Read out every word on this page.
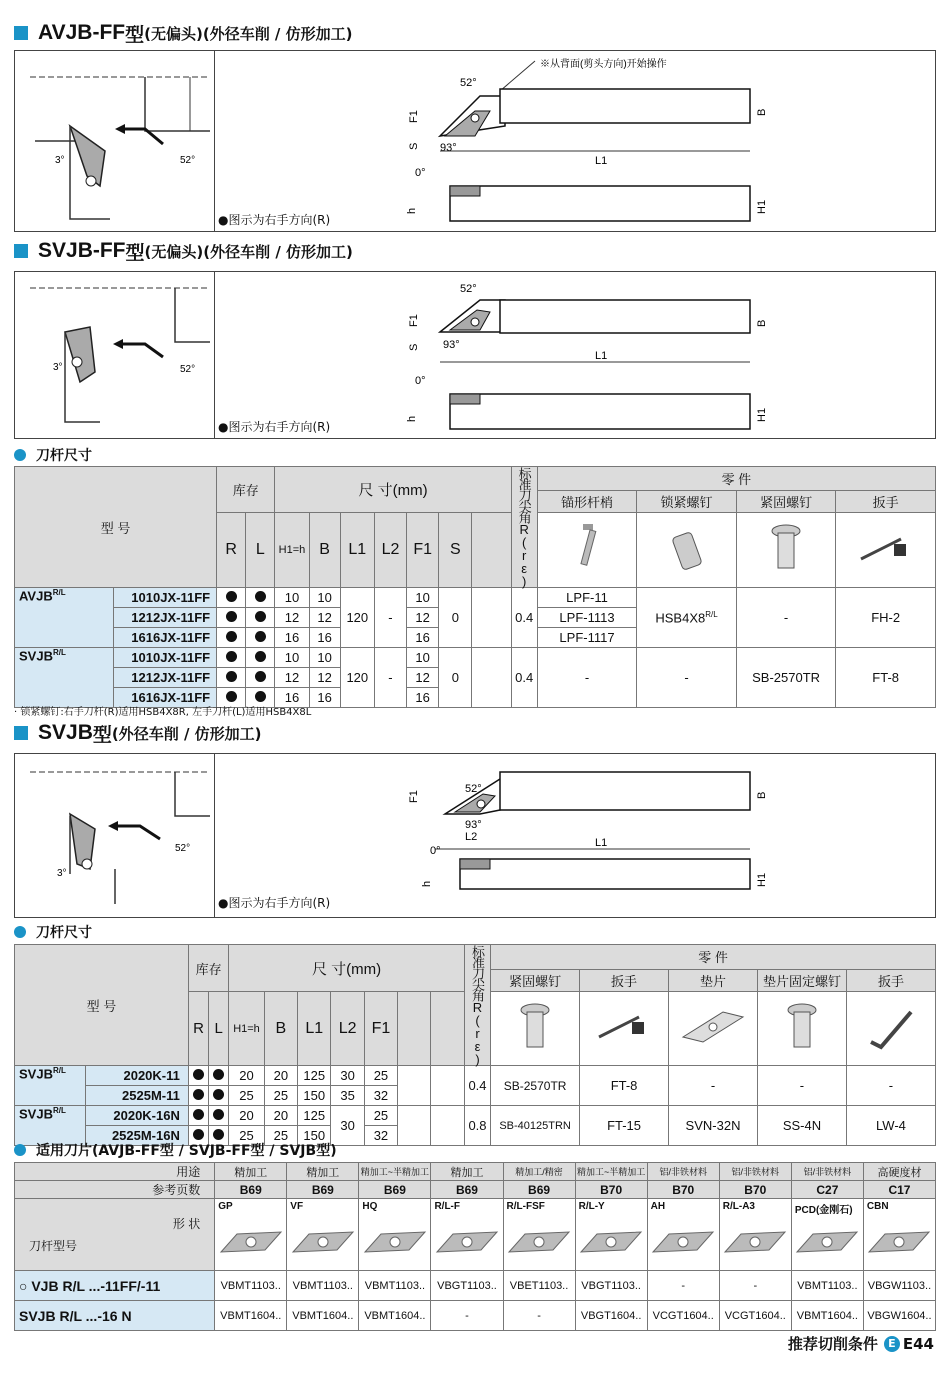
AVJB-FF 型 (无偏头)(外径车削 / 仿形加工)
52°
3°
●图示为右手方向(R)
※从背面(剪头方向)开始操作
52°
93°
L1
F1
S
B
0°
h	H1
SVJB-FF 型 (无偏头)(外径车削 / 仿形加工)
52°
3°
●图示为右手方向(R)
52°
93°
L1
F1
S
B
0°
h	H1
刀杆尺寸
型 号		库存		尺 寸(mm)							标准刀尖角R(rε)	零 件			
												锚形杆梢	锁紧螺钉	紧固螺钉	扳手
		R	L	H1=h	B	L1	L2	F1	S					
$AVJB^{R/L}$	1010JX-11FF			10	10	120	-	10	0		0.4	LPF-11	$HSB4X8^{R/L}$	-	FH-2
	1212JX-11FF			12	12			12				LPF-1113			
	1616JX-11FF			16	16			16				LPF-1117			
$SVJB^{R/L}$	1010JX-11FF			10	10	120	-	10	0		0.4	-	-	SB-2570TR	FT-8
	1212JX-11FF			12	12			12							
	1616JX-11FF			16	16			16							
· 锁紧螺钉:右手刀杆(R)适用HSB4X8R, 左手刀杆(L)适用HSB4X8L
SVJB 型 (外径车削 / 仿形加工)
52°
3°
●图示为右手方向(R)
52°
93°
L2	L1
F1	B
0°
h	H1
刀杆尺寸
型 号		库存		尺 寸(mm)							标准刀尖角R(rε)	零 件				
												紧固螺钉	扳手	垫片	垫片固定螺钉	扳手
		R	L	H1=h	B	L1	L2	F1							
$SVJB^{R/L}$	2020K-11			20	20	125	30	25			0.4	SB-2570TR	FT-8	-	-	-
	2525M-11			25	25	150	35	32								
$SVJB^{R/L}$	2020K-16N			20	20	125	30	25			0.8	SB-40125TRN	FT-15	SVN-32N	SS-4N	LW-4
	2525M-16N			25	25	150		32								
适用刀片(AVJB-FF型 / SVJB-FF型 / SVJB型)
用途	精加工	精加工	精加工~半精加工	精加工	精加工/精密	精加工~半精加工	铝/非铁材料	铝/非铁材料	铝/非铁材料	高硬度材
参考页数	B69	B69	B69	B69	B69	B70	B70	B70	C27	C17

形 状
刀杆型号	GP	VF	HQ	R/L-F	R/L-FSF	R/L-Y	AH	R/L-A3	PCD(金刚石)	CBN

○ VJB R/L ...-11FF/-11	VBMT1103..	VBMT1103..	VBMT1103..	VBGT1103..	VBET1103..	VBGT1103..	-	-	VBMT1103..	VBGW1103..
SVJB R/L ...-16 N	VBMT1604..	VBMT1604..	VBMT1604..	-	-	VBGT1604..	VCGT1604..	VCGT1604..	VBMT1604..	VBGW1604..
推荐切削条件 E E44
